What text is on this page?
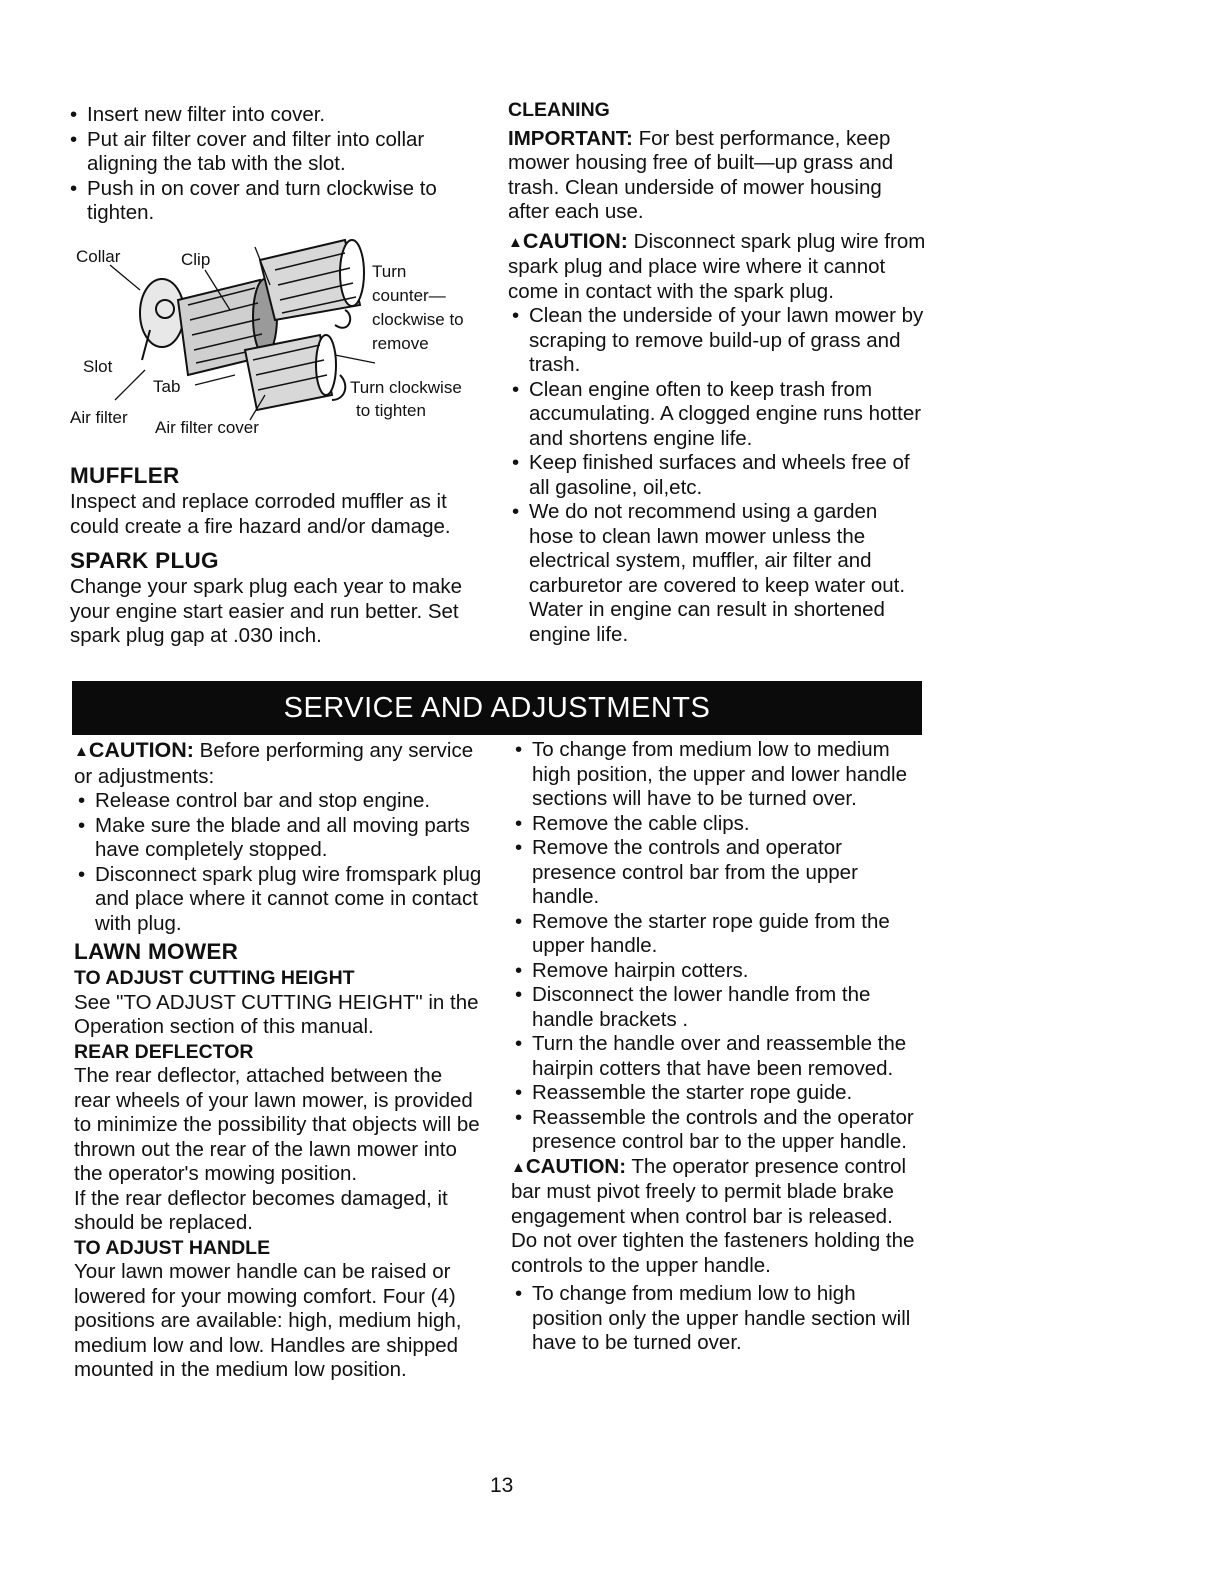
• Insert new filter into cover.
• Put air filter cover and filter into collar aligning the tab with the slot.
• Push in on cover and turn clockwise to tighten.
Collar	Clip
Turn
counter—
clockwise to
remove
Slot
Tab	Turn clockwise
to tighten
Air filter
Air filter cover
MUFFLER

Inspect and replace corroded muffler as it could create a fire hazard and/or damage.

SPARK PLUG

Change your spark plug each year to make your engine start easier and run better. Set spark plug gap at .030 inch.

CLEANING

IMPORTANT: For best performance, keep mower housing free of built—up grass and trash. Clean underside of mower housing after each use.

▲CAUTION: Disconnect spark plug wire from spark plug and place wire where it cannot come in contact with the spark plug.

• Clean the underside of your lawn mower by scraping to remove build-up of grass and trash.
• Clean engine often to keep trash from accumulating. A clogged engine runs hotter and shortens engine life.
• Keep finished surfaces and wheels free of all gasoline, oil,etc.
• We do not recommend using a garden hose to clean lawn mower unless the electrical system, muffler, air filter and carburetor are covered to keep water out. Water in engine can result in shortened engine life.
SERVICE AND ADJUSTMENTS

▲CAUTION: Before performing any service or adjustments:

• Release control bar and stop engine.
• Make sure the blade and all moving parts have completely stopped.
• Disconnect spark plug wire fromspark plug and place where it cannot come in contact with plug.
LAWN MOWER
TO ADJUST CUTTING HEIGHT

See "TO ADJUST CUTTING HEIGHT" in the Operation section of this manual.

REAR DEFLECTOR

The rear deflector, attached between the rear wheels of your lawn mower, is provided to minimize the possibility that objects will be thrown out the rear of the lawn mower into the operator's mowing position.

If the rear deflector becomes damaged, it should be replaced.

TO ADJUST HANDLE

Your lawn mower handle can be raised or lowered for your mowing comfort. Four (4) positions are available: high, medium high, medium low and low. Handles are shipped mounted in the medium low position.

• To change from medium low to medium high position, the upper and lower handle sections will have to be turned over.
• Remove the cable clips.
• Remove the controls and operator presence control bar from the upper handle.
• Remove the starter rope guide from the upper handle.
• Remove hairpin cotters.
• Disconnect the lower handle from the handle brackets .
• Turn the handle over and reassemble the hairpin cotters that have been removed.
• Reassemble the starter rope guide.
• Reassemble the controls and the operator presence control bar to the upper handle.

▲CAUTION: The operator presence control bar must pivot freely to permit blade brake engagement when control bar is released. Do not over tighten the fasteners holding the controls to the upper handle.

• To change from medium low to high position only the upper handle section will have to be turned over.
13
